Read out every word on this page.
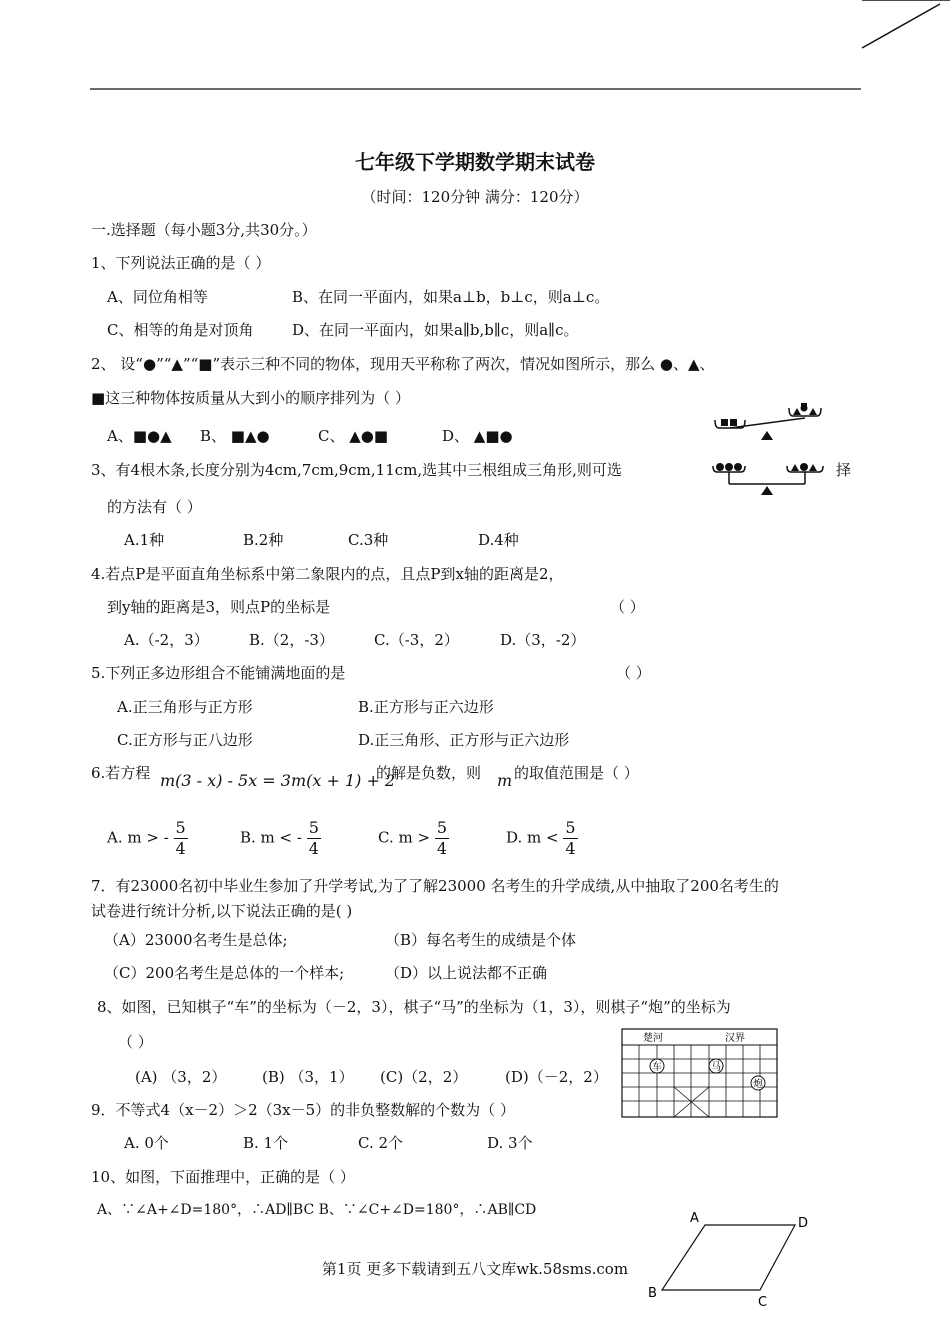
七年级下学期数学期末试卷
（时间：120分钟 满分：120分）
一.选择题（每小题3分,共30分。）
1、下列说法正确的是（ ）
A、同位角相等	B、在同一平面内，如果a⊥b，b⊥c，则a⊥c。
C、相等的角是对顶角	D、在同一平面内，如果a∥b,b∥c，则a∥c。
2、 设“●”“▲”“■”表示三种不同的物体，现用天平称称了两次，情况如图所示，那么 ●、▲、
■这三种物体按质量从大到小的顺序排列为（ ）
A、■●▲ B、 ■▲●	C、 ▲●■	D、 ▲■●
3、有4根木条,长度分别为4cm,7cm,9cm,11cm,选其中三根组成三角形,则可选	择
的方法有（ ）
A.1种	B.2种	C.3种	D.4种
4.若点P是平面直角坐标系中第二象限内的点，且点P到x轴的距离是2，
到y轴的距离是3，则点P的坐标是	（ ）
A.（-2，3）	B.（2，-3）	C.（-3，2）	D.（3，-2）
5.下列正多边形组合不能铺满地面的是	（ ）
A.正三角形与正方形	B.正方形与正六边形
C.正方形与正八边形	D.正三角形、正方形与正六边形
6.若方程 m(3 - x) - 5x = 3m(x + 1) + 2
的解是负数，则 m 的取值范围是（ ）
A. m > - $\frac{5}{4}$	B. m < - $\frac{5}{4}$	C. $m > \frac{5}{4}$	D. $m < \frac{5}{4}$
7．有23000名初中毕业生参加了升学考试,为了了解23000 名考生的升学成绩,从中抽取了200名考生的
试卷进行统计分析,以下说法正确的是( )
（A）23000名考生是总体;	（B）每名考生的成绩是个体
（C）200名考生是总体的一个样本;	（D）以上说法都不正确
8、如图，已知棋子“车”的坐标为（－2，3），棋子“马”的坐标为（1，3），则棋子“炮”的坐标为
（ ）
(A) （3，2） (B) （3，1） (C)（2，2）	(D)（－2，2）
楚河	汉界
车	马
炮
9．不等式4（x－2）＞2（3x－5）的非负整数解的个数为（ ）
A. 0个	B. 1个	C. 2个	D. 3个
10、如图，下面推理中，正确的是（ ）
A、∵∠A+∠D=180°，∴AD∥BC B、∵∠C+∠D=180°，∴AB∥CD
A	D
B
C
第1页 更多下载请到五八文库wk.58sms.com
